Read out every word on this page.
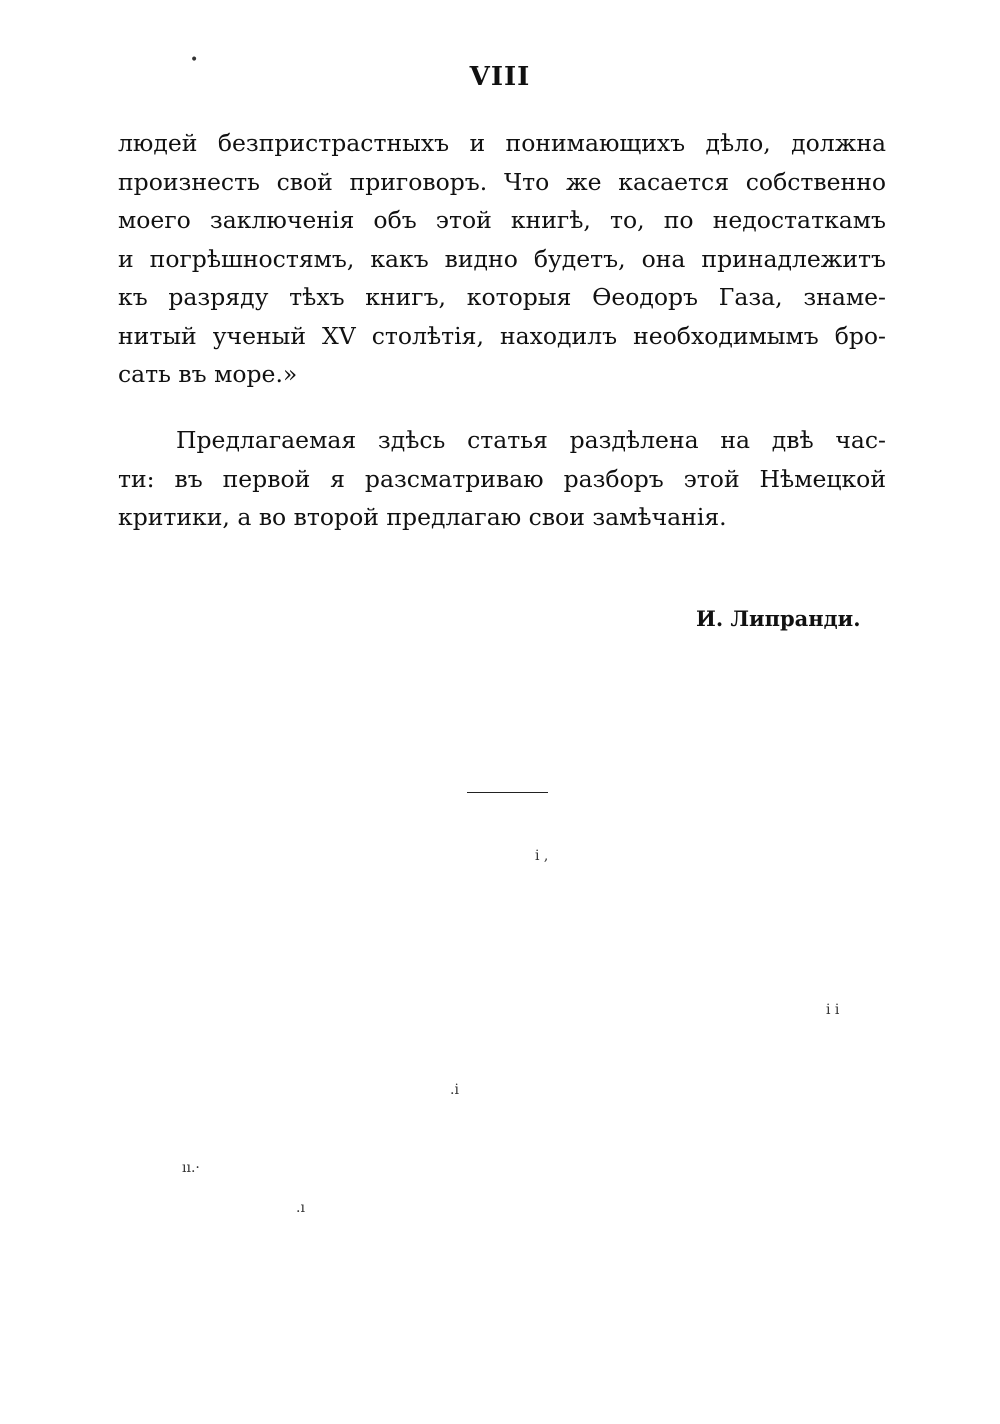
•
VIII
людей безпристрастныхъ и понимающихъ дѣло, должна
произнесть свой приговоръ. Что же касается собственно
моего заключенія объ этой книгѣ, то, по недостаткамъ
и погрѣшностямъ, какъ видно будетъ, она принадлежитъ
къ разряду тѣхъ книгъ, которыя Ѳеодоръ Газа, знаме-
нитый ученый XV столѣтія, находилъ необходимымъ бро-
сать въ море.»
Предлагаемая здѣсь статья раздѣлена на двѣ час-
ти: въ первой я разсматриваю разборъ этой Нѣмецкой
критики, а во второй предлагаю свои замѣчанія.
И. Липранди.
i ,
i i
.i
ıı.·
.ı
